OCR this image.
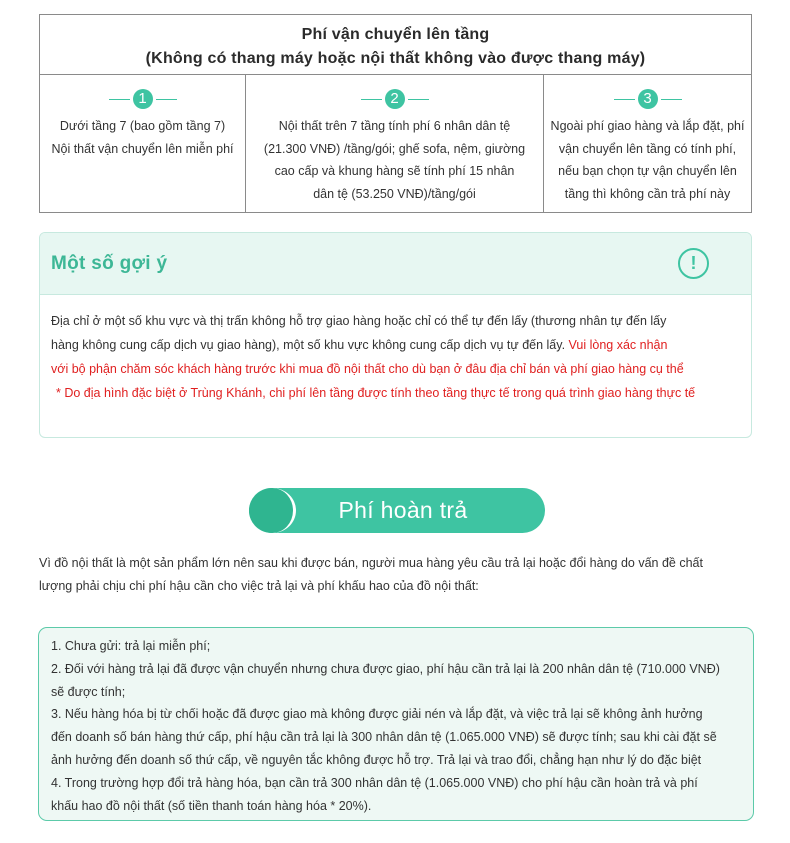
Phí vận chuyển lên tầng
(Không có thang máy hoặc nội thất không vào được thang máy)
1
Dưới tầng 7 (bao gồm tầng 7)
Nội thất vận chuyển lên miễn phí
2
Nội thất trên 7 tầng tính phí 6 nhân dân tệ
(21.300 VNĐ) /tầng/gói; ghế sofa, nệm, giường
cao cấp và khung hàng sẽ tính phí 15 nhân
dân tệ (53.250 VNĐ)/tầng/gói
3
Ngoài phí giao hàng và lắp đặt, phí
vận chuyển lên tầng có tính phí,
nếu bạn chọn tự vận chuyển lên
tầng thì không cần trả phí này
Một số gợi ý	!
Địa chỉ ở một số khu vực và thị trấn không hỗ trợ giao hàng hoặc chỉ có thể tự đến lấy (thương nhân tự đến lấy
hàng không cung cấp dịch vụ giao hàng), một số khu vực không cung cấp dịch vụ tự đến lấy. Vui lòng xác nhận
với bộ phận chăm sóc khách hàng trước khi mua đồ nội thất cho dù bạn ở đâu địa chỉ bán và phí giao hàng cụ thể
* Do địa hình đặc biệt ở Trùng Khánh, chi phí lên tầng được tính theo tầng thực tế trong quá trình giao hàng thực tế
Phí hoàn trả
Vì đồ nội thất là một sản phẩm lớn nên sau khi được bán, người mua hàng yêu cầu trả lại hoặc đổi hàng do vấn đề chất
lượng phải chịu chi phí hậu cần cho việc trả lại và phí khấu hao của đồ nội thất:
1. Chưa gửi: trả lại miễn phí;
2. Đối với hàng trả lại đã được vận chuyển nhưng chưa được giao, phí hậu cần trả lại là 200 nhân dân tệ (710.000 VNĐ)
sẽ được tính;
3. Nếu hàng hóa bị từ chối hoặc đã được giao mà không được giải nén và lắp đặt, và việc trả lại sẽ không ảnh hưởng
đến doanh số bán hàng thứ cấp, phí hậu cần trả lại là 300 nhân dân tệ (1.065.000 VNĐ) sẽ được tính; sau khi cài đặt sẽ
ảnh hưởng đến doanh số thứ cấp, về nguyên tắc không được hỗ trợ. Trả lại và trao đổi, chẳng hạn như lý do đặc biệt
4. Trong trường hợp đổi trả hàng hóa, bạn cần trả 300 nhân dân tệ (1.065.000 VNĐ) cho phí hậu cần hoàn trả và phí
khấu hao đồ nội thất (số tiền thanh toán hàng hóa * 20%).
